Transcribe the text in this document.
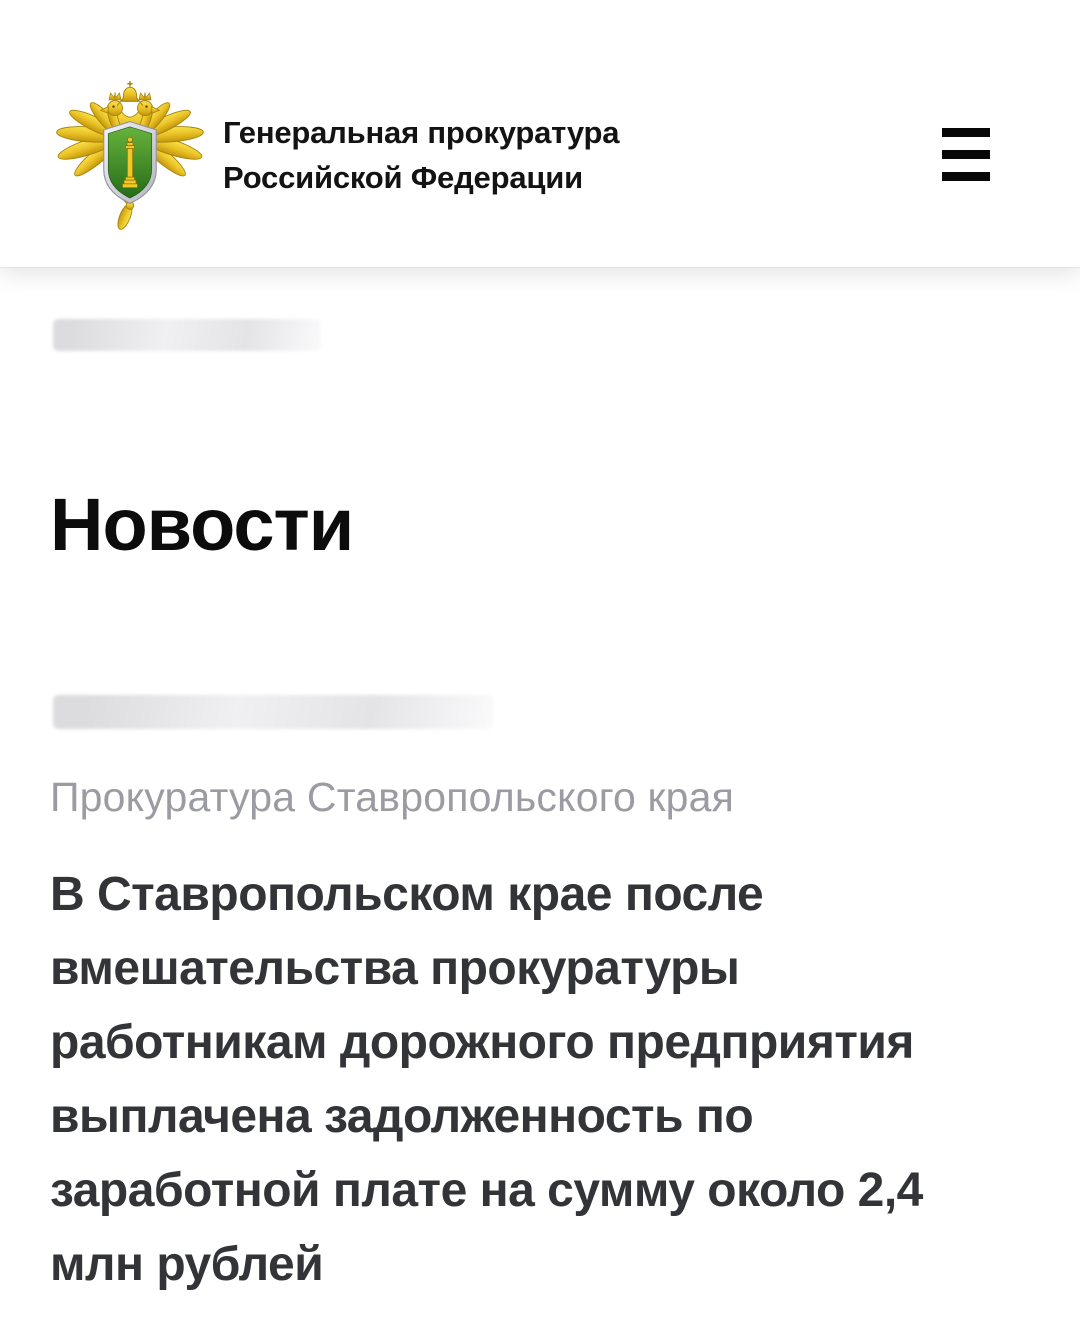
Генеральная прокуратура
Российской Федерации
Новости
Прокуратура Ставропольского края
В Ставропольском крае после
вмешательства прокуратуры
работникам дорожного предприятия
выплачена задолженность по
заработной плате на сумму около 2,4
млн рублей
